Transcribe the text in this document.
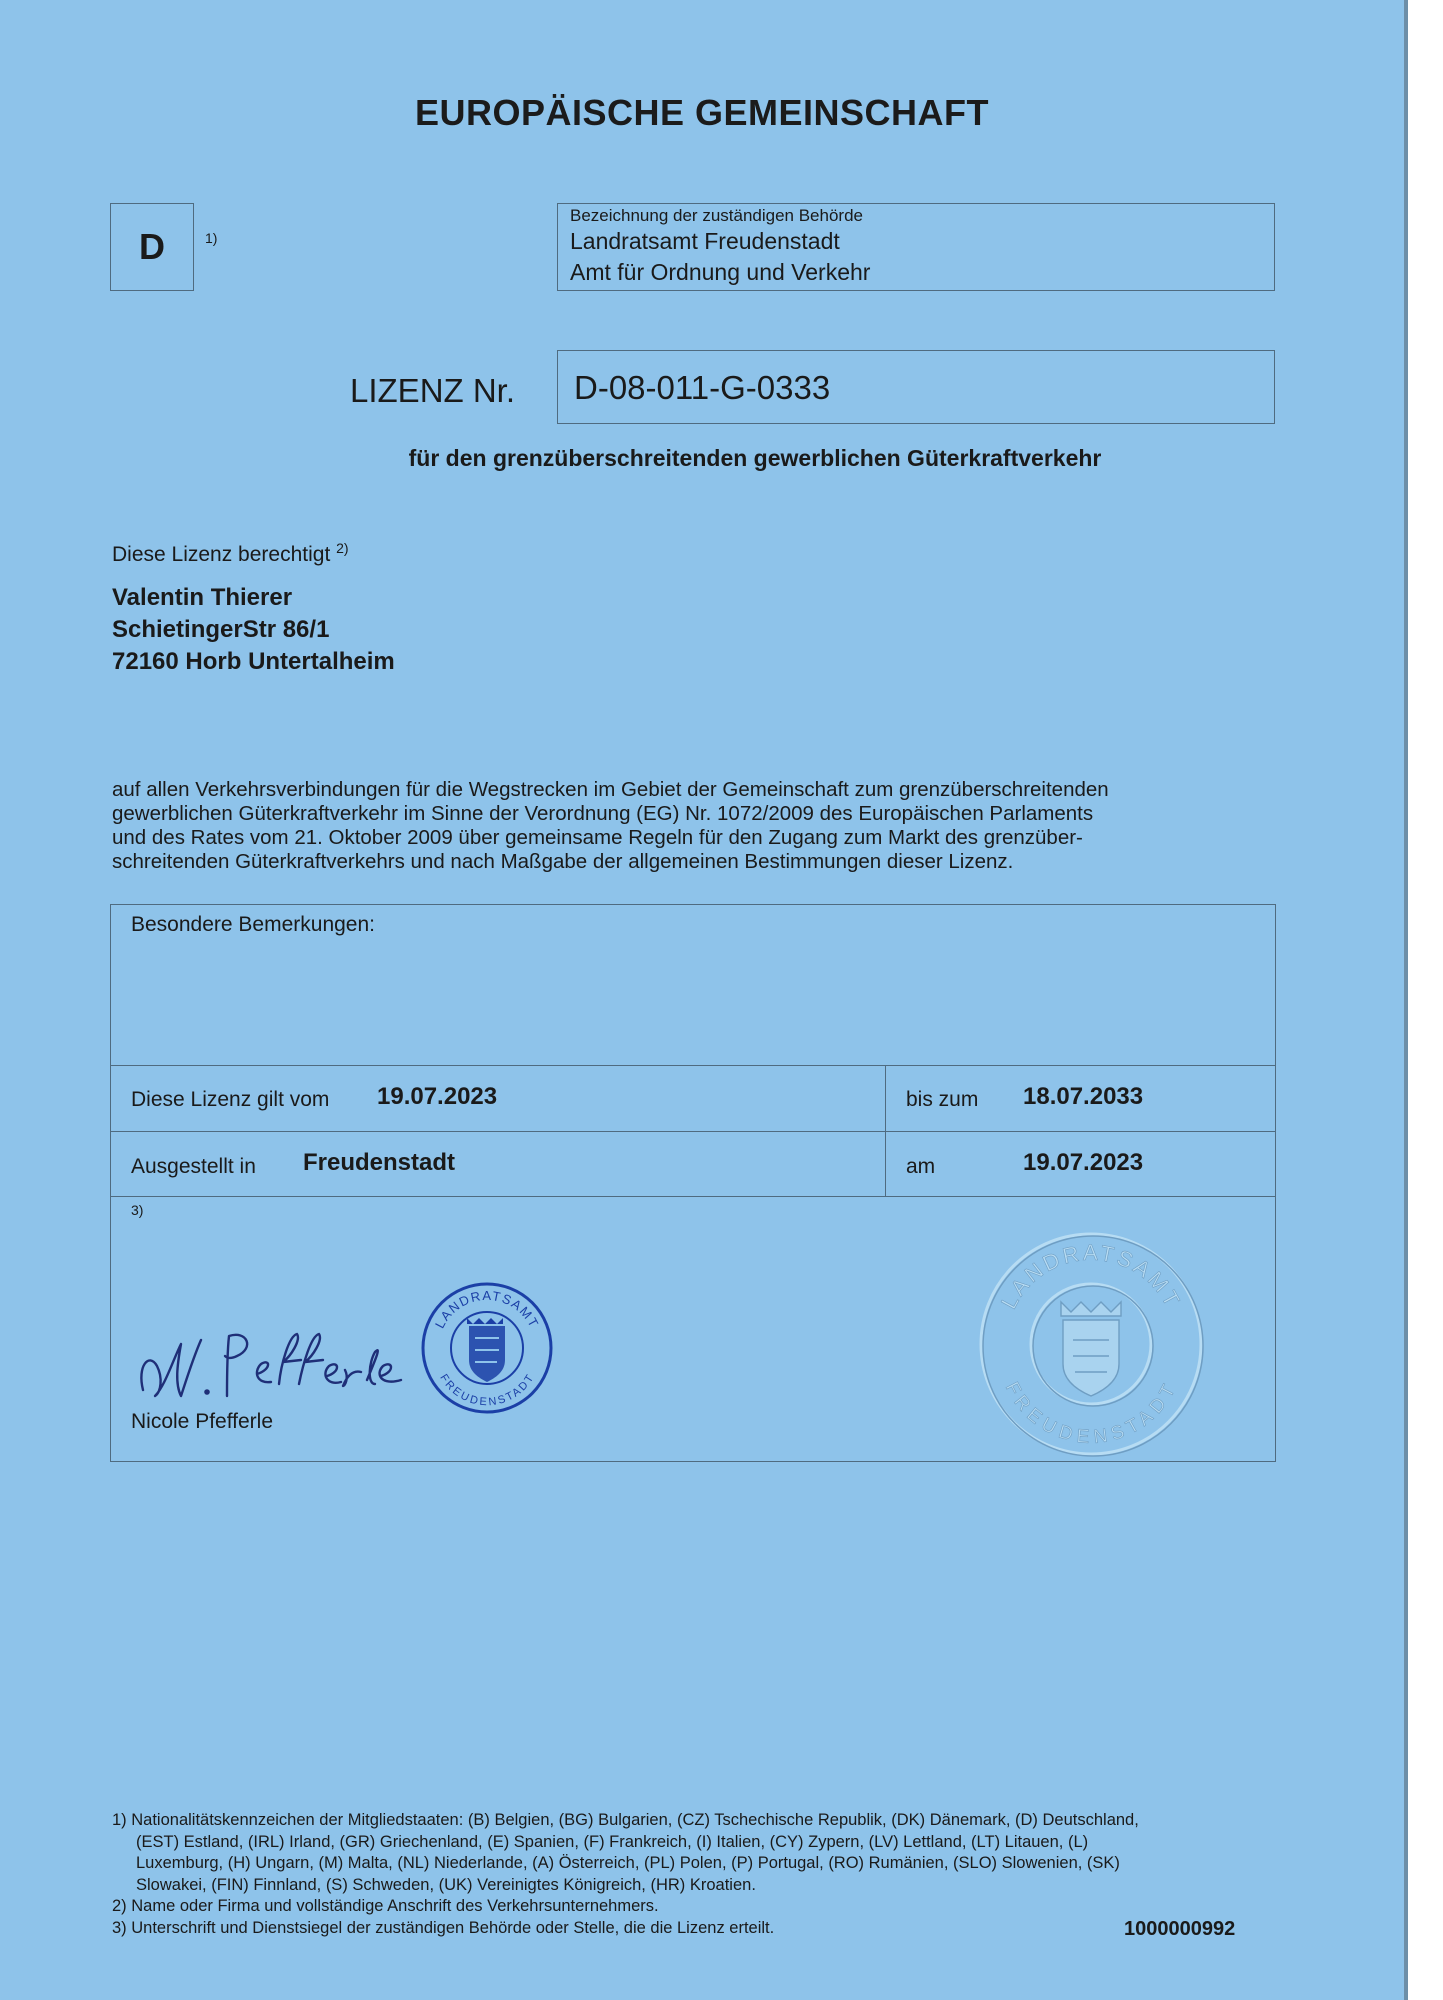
EUROPÄISCHE GEMEINSCHAFT
D	1)
Bezeichnung der zuständigen Behörde
Landratsamt Freudenstadt
Amt für Ordnung und Verkehr
LIZENZ Nr.	D-08-011-G-0333
für den grenzüberschreitenden gewerblichen Güterkraftverkehr
Diese Lizenz berechtigt $^{2)}$
Valentin Thierer
SchietingerStr 86/1
72160 Horb Untertalheim
auf allen Verkehrsverbindungen für die Wegstrecken im Gebiet der Gemeinschaft zum grenzüberschreitenden
gewerblichen Güterkraftverkehr im Sinne der Verordnung (EG) Nr. 1072/2009 des Europäischen Parlaments
und des Rates vom 21. Oktober 2009 über gemeinsame Regeln für den Zugang zum Markt des grenzüber-
schreitenden Güterkraftverkehrs und nach Maßgabe der allgemeinen Bestimmungen dieser Lizenz.
Besondere Bemerkungen:
Diese Lizenz gilt vom 19.07.2023	bis zum 18.07.2033
Ausgestellt in Freudenstadt	am	19.07.2023
3)
Nicole Pfefferle
LANDRATSAMT
FREUDENSTADT
LANDRATSAMT
FREUDENSTADT
1) Nationalitätskennzeichen der Mitgliedstaaten: (B) Belgien, (BG) Bulgarien, (CZ) Tschechische Republik, (DK) Dänemark, (D) Deutschland,
(EST) Estland, (IRL) Irland, (GR) Griechenland, (E) Spanien, (F) Frankreich, (I) Italien, (CY) Zypern, (LV) Lettland, (LT) Litauen, (L)
Luxemburg, (H) Ungarn, (M) Malta, (NL) Niederlande, (A) Österreich, (PL) Polen, (P) Portugal, (RO) Rumänien, (SLO) Slowenien, (SK)
Slowakei, (FIN) Finnland, (S) Schweden, (UK) Vereinigtes Königreich, (HR) Kroatien.
2) Name oder Firma und vollständige Anschrift des Verkehrsunternehmers.
3) Unterschrift und Dienstsiegel der zuständigen Behörde oder Stelle, die die Lizenz erteilt.	1000000992
